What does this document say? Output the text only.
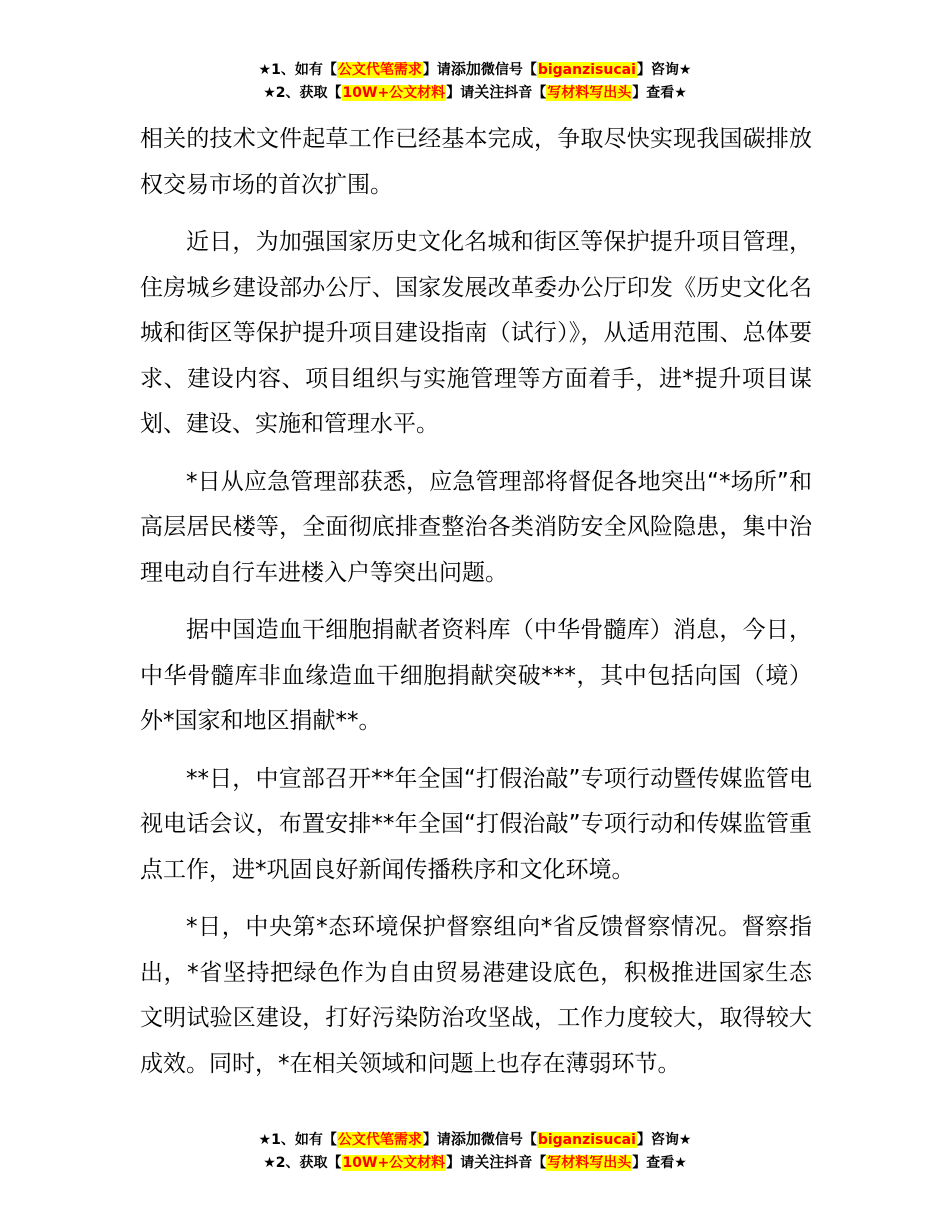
★1、如有【公文代笔需求】请添加微信号【biganzisucai】咨询★
★2、获取【10W+公文材料】请关注抖音【写材料写出头】查看★

相关的技术文件起草工作已经基本完成，争取尽快实现我国碳排放权交易市场的首次扩围。

近日，为加强国家历史文化名城和街区等保护提升项目管理，住房城乡建设部办公厅、国家发展改革委办公厅印发《历史文化名城和街区等保护提升项目建设指南（试行）》，从适用范围、总体要求、建设内容、项目组织与实施管理等方面着手，进*提升项目谋划、建设、实施和管理水平。

*日从应急管理部获悉，应急管理部将督促各地突出“*场所”和高层居民楼等，全面彻底排查整治各类消防安全风险隐患，集中治理电动自行车进楼入户等突出问题。

据中国造血干细胞捐献者资料库（中华骨髓库）消息，今日，中华骨髓库非血缘造血干细胞捐献突破***，其中包括向国（境）外*国家和地区捐献**。

**日，中宣部召开**年全国“打假治敲”专项行动暨传媒监管电视电话会议，布置安排**年全国“打假治敲”专项行动和传媒监管重点工作，进*巩固良好新闻传播秩序和文化环境。

*日，中央第*态环境保护督察组向*省反馈督察情况。督察指出，*省坚持把绿色作为自由贸易港建设底色，积极推进国家生态文明试验区建设，打好污染防治攻坚战，工作力度较大，取得较大成效。同时，*在相关领域和问题上也存在薄弱环节。

★1、如有【公文代笔需求】请添加微信号【biganzisucai】咨询★
★2、获取【10W+公文材料】请关注抖音【写材料写出头】查看★
